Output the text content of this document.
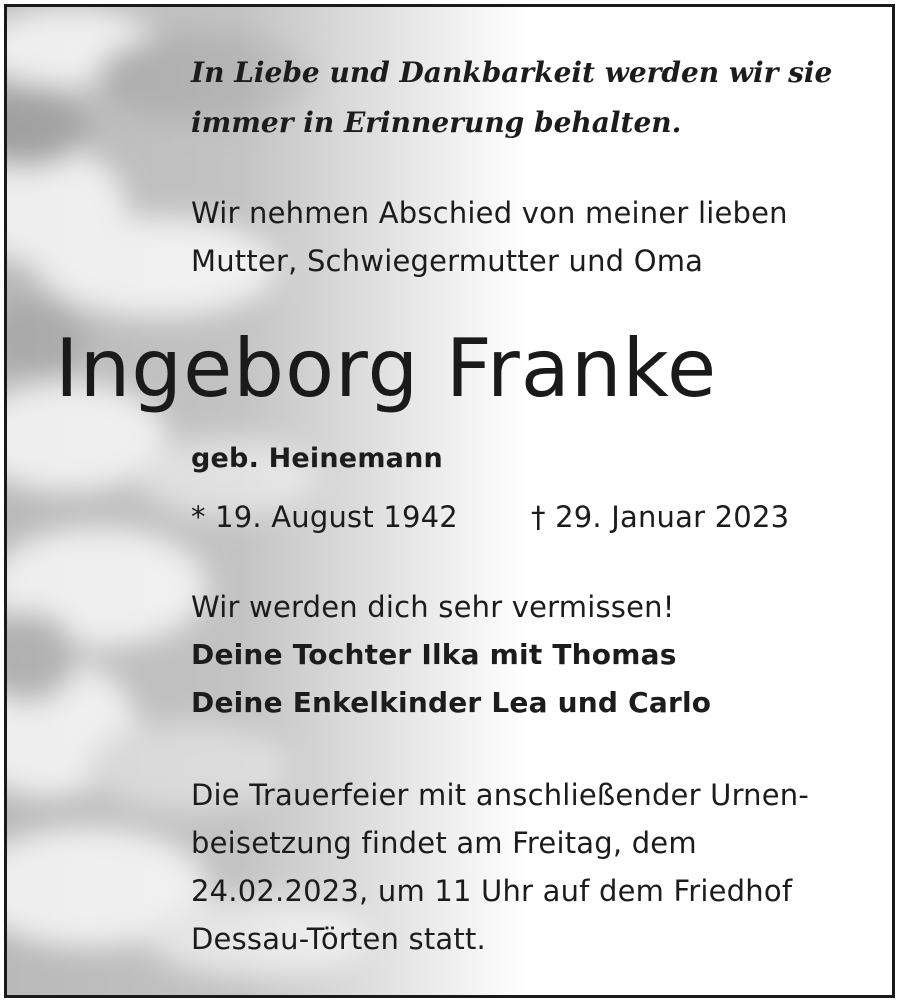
In Liebe und Dankbarkeit werden wir sie
immer in Erinnerung behalten.
Wir nehmen Abschied von meiner lieben
Mutter, Schwiegermutter und Oma
Ingeborg Franke
geb. Heinemann
* 19. August 1942	† 29. Januar 2023
Wir werden dich sehr vermissen!
Deine Tochter Ilka mit Thomas
Deine Enkelkinder Lea und Carlo
Die Trauerfeier mit anschließender Urnen-
beisetzung findet am Freitag, dem
24.02.2023, um 11 Uhr auf dem Friedhof
Dessau-Törten statt.
